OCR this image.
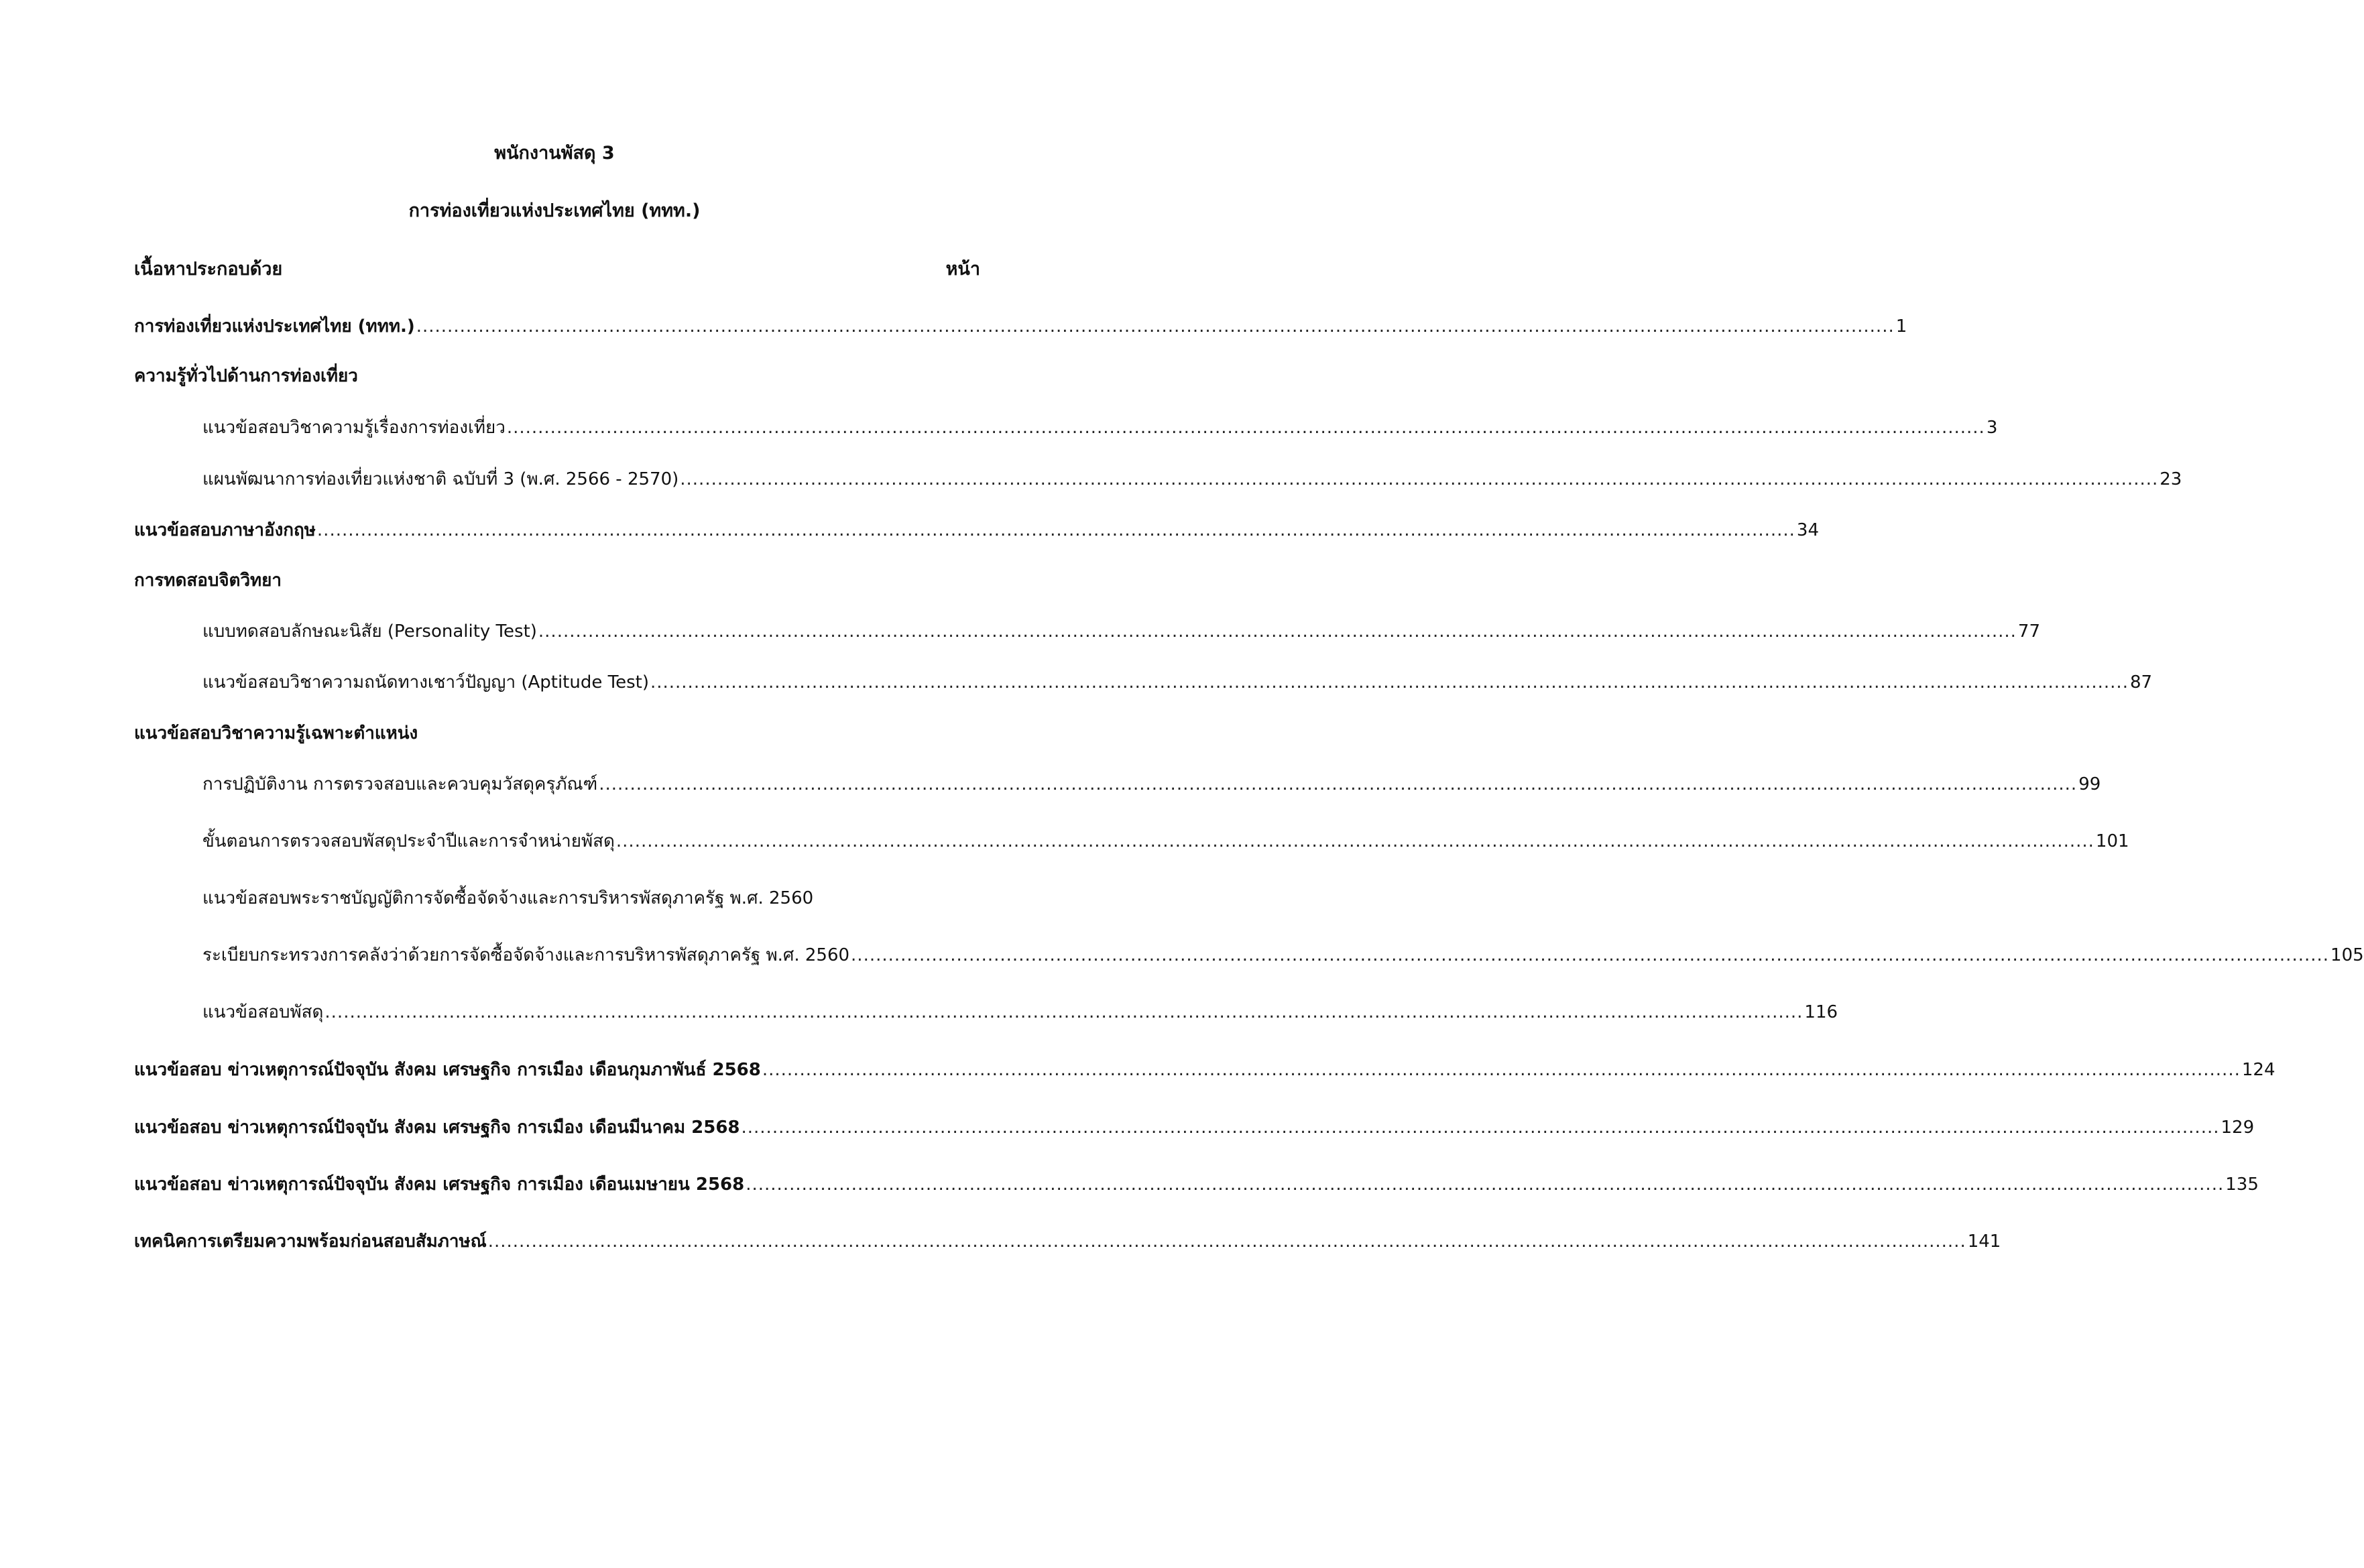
พนักงานพัสดุ 3
การท่องเที่ยวแห่งประเทศไทย (ททท.)
เนื้อหาประกอบด้วย	หน้า
การท่องเที่ยวแห่งประเทศไทย (ททท.) .....	1
ความรู้ทั่วไปด้านการท่องเที่ยว
แนวข้อสอบวิชาความรู้เรื่องการท่องเที่ยว .....	3
แผนพัฒนาการท่องเที่ยวแห่งชาติ ฉบับที่ 3 (พ.ศ. 2566 - 2570) .....	23
แนวข้อสอบภาษาอังกฤษ .....	34
การทดสอบจิตวิทยา
แบบทดสอบลักษณะนิสัย (Personality Test) .....	77
แนวข้อสอบวิชาความถนัดทางเชาว์ปัญญา (Aptitude Test) .....	87
แนวข้อสอบวิชาความรู้เฉพาะตำแหน่ง
การปฏิบัติงาน การตรวจสอบและควบคุมวัสดุครุภัณฑ์ .....	99
ขั้นตอนการตรวจสอบพัสดุประจำปีและการจำหน่ายพัสดุ .....	101
แนวข้อสอบพระราชบัญญัติการจัดซื้อจัดจ้างและการบริหารพัสดุภาครัฐ พ.ศ. 2560
ระเบียบกระทรวงการคลังว่าด้วยการจัดซื้อจัดจ้างและการบริหารพัสดุภาครัฐ พ.ศ. 2560 .....	105
แนวข้อสอบพัสดุ .....	116
แนวข้อสอบ ข่าวเหตุการณ์ปัจจุบัน สังคม เศรษฐกิจ การเมือง เดือนกุมภาพันธ์ 2568 .....	124
แนวข้อสอบ ข่าวเหตุการณ์ปัจจุบัน สังคม เศรษฐกิจ การเมือง เดือนมีนาคม 2568 .....	129
แนวข้อสอบ ข่าวเหตุการณ์ปัจจุบัน สังคม เศรษฐกิจ การเมือง เดือนเมษายน 2568 .....	135
เทคนิคการเตรียมความพร้อมก่อนสอบสัมภาษณ์ .....	141
